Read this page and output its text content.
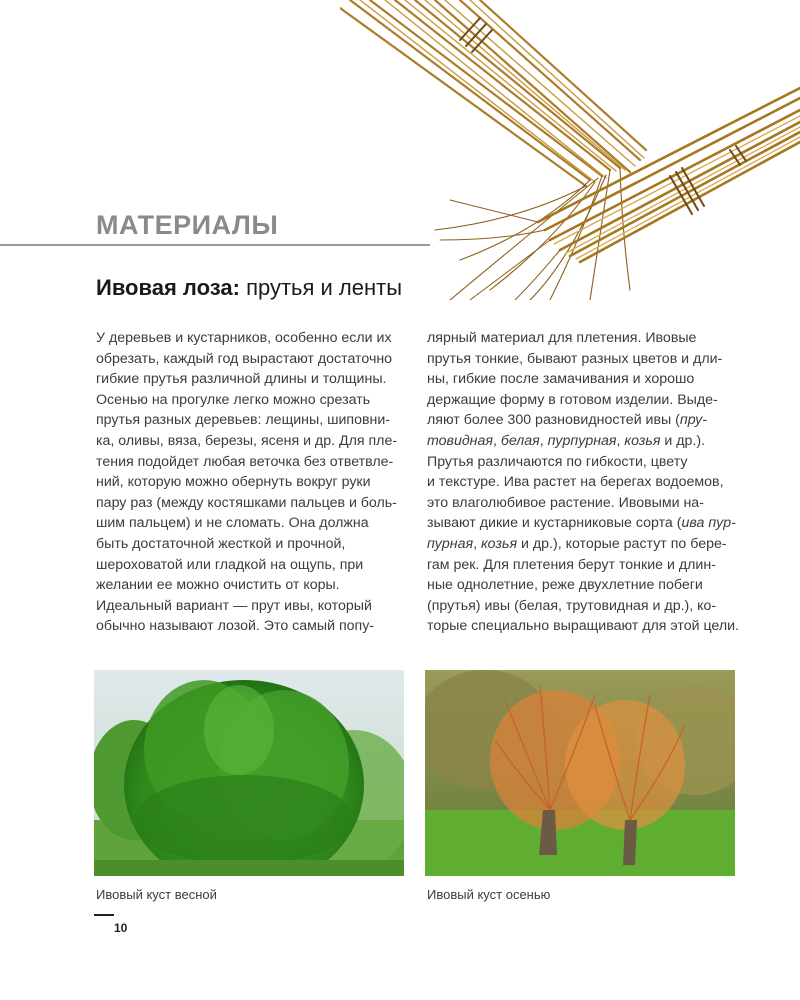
МАТЕРИАЛЫ
Ивовая лоза: прутья и ленты
У деревьев и кустарников, особенно если их
обрезать, каждый год вырастают достаточно
гибкие прутья различной длины и толщины.
Осенью на прогулке легко можно срезать
прутья разных деревьев: лещины, шиповни-
ка, оливы, вяза, березы, ясеня и др. Для пле-
тения подойдет любая веточка без ответвле-
ний, которую можно обернуть вокруг руки
пару раз (между костяшками пальцев и боль-
шим пальцем) и не сломать. Она должна
быть достаточной жесткой и прочной,
шероховатой или гладкой на ощупь, при
желании ее можно очистить от коры.
Идеальный вариант — прут ивы, который
обычно называют лозой. Это самый попу-
лярный материал для плетения. Ивовые
прутья тонкие, бывают разных цветов и дли-
ны, гибкие после замачивания и хорошо
держащие форму в готовом изделии. Выде-
ляют более 300 разновидностей ивы (пру-
товидная, белая, пурпурная, козья и др.).
Прутья различаются по гибкости, цвету
и текстуре. Ива растет на берегах водоемов,
это влаголюбивое растение. Ивовыми на-
зывают дикие и кустарниковые сорта (ива пур-
пурная, козья и др.), которые растут по бере-
гам рек. Для плетения берут тонкие и длин-
ные однолетние, реже двухлетние побеги
(прутья) ивы (белая, трутовидная и др.), ко-
торые специально выращивают для этой цели.

Ивовый куст весной	Ивовый куст осенью

10
